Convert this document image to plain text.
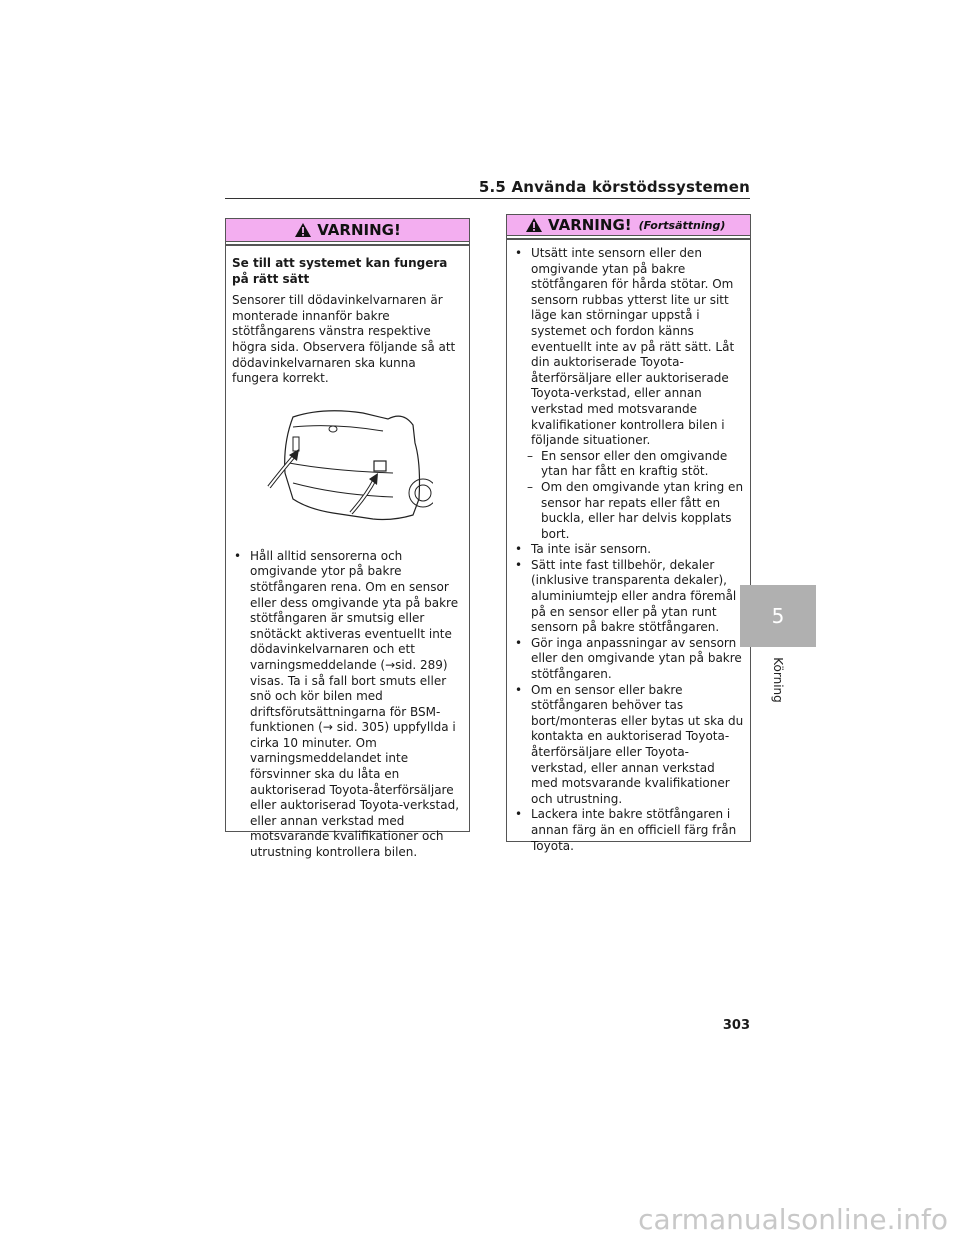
5.5 Använda körstödssystemen
VARNING!
Se till att systemet kan fungera på rätt sätt
Sensorer till dödavinkelvarnaren är monterade innanför bakre stötfångarens vänstra respektive högra sida. Observera följande så att dödavinkelvarnaren ska kunna fungera korrekt.
• Håll alltid sensorerna och omgivande ytor på bakre stötfångaren rena. Om en sensor eller dess omgivande yta på bakre stötfångaren är smutsig eller snötäckt aktiveras eventuellt inte dödavinkelvarnaren och ett varningsmeddelande (→sid. 289) visas. Ta i så fall bort smuts eller snö och kör bilen med driftsförutsättningarna för BSM-funktionen (→ sid. 305) uppfyllda i cirka 10 minuter. Om varningsmeddelandet inte försvinner ska du låta en auktoriserad Toyota-återförsäljare eller auktoriserad Toyota-verkstad, eller annan verkstad med motsvarande kvalifikationer och utrustning kontrollera bilen.
VARNING! (Fortsättning)
• Utsätt inte sensorn eller den omgivande ytan på bakre stötfångaren för hårda stötar. Om sensorn rubbas ytterst lite ur sitt läge kan störningar uppstå i systemet och fordon känns eventuellt inte av på rätt sätt. Låt din auktoriserade Toyota-återförsäljare eller auktoriserade Toyota-verkstad, eller annan verkstad med motsvarande kvalifikationer kontrollera bilen i följande situationer.
– En sensor eller den omgivande ytan har fått en kraftig stöt.
– Om den omgivande ytan kring en sensor har repats eller fått en buckla, eller har delvis kopplats bort.
• Ta inte isär sensorn.
• Sätt inte fast tillbehör, dekaler (inklusive transparenta dekaler), aluminiumtejp eller andra föremål på en sensor eller på ytan runt sensorn på bakre stötfångaren.
• Gör inga anpassningar av sensorn eller den omgivande ytan på bakre stötfångaren.
• Om en sensor eller bakre stötfångaren behöver tas bort/monteras eller bytas ut ska du kontakta en auktoriserad Toyota-återförsäljare eller Toyota-verkstad, eller annan verkstad med motsvarande kvalifikationer och utrustning.
• Lackera inte bakre stötfångaren i annan färg än en officiell färg från Toyota.
5
Körning
303
carmanualsonline.info
